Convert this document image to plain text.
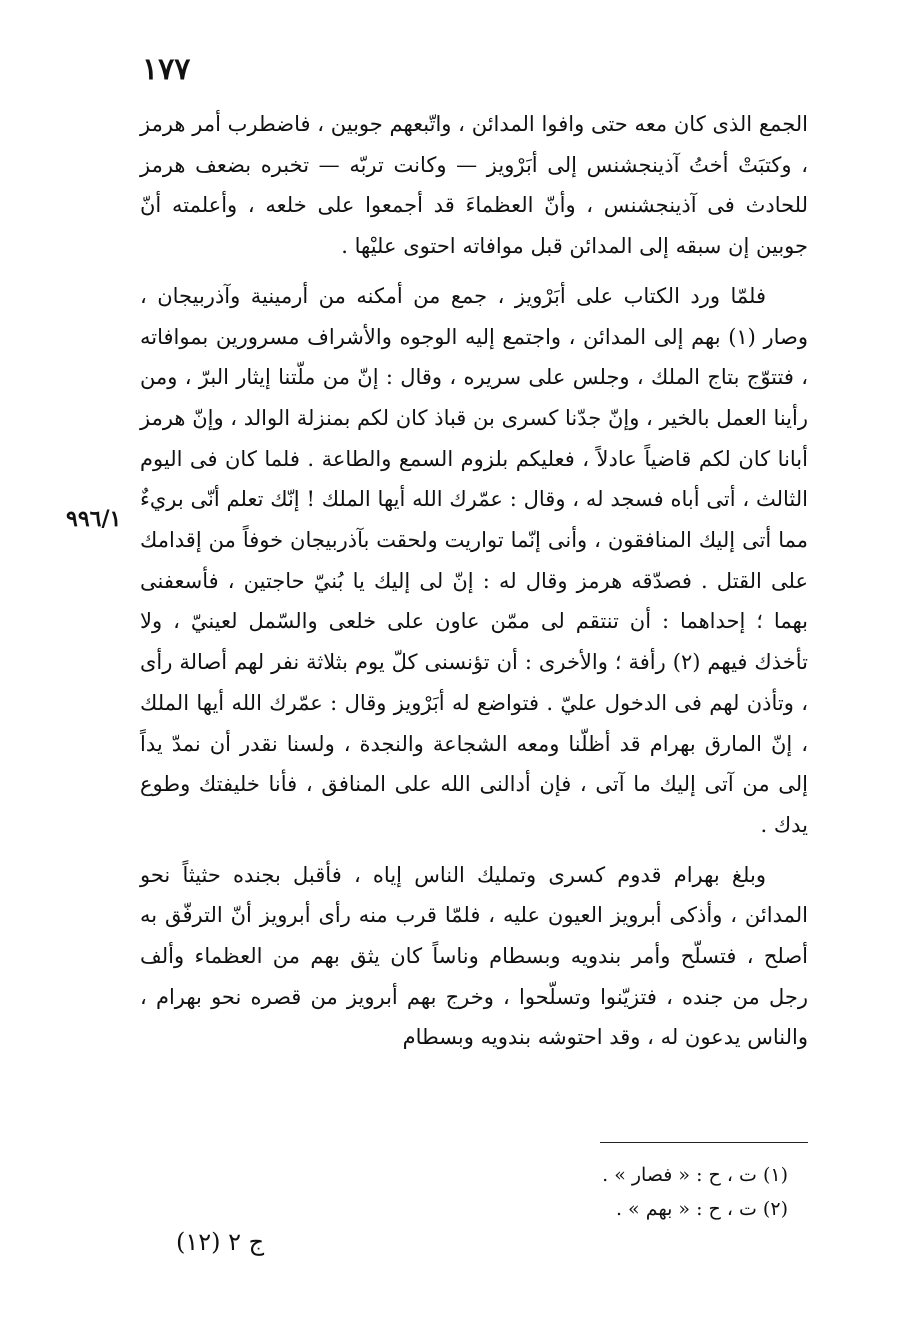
١٧٧
٩٩٦/١

الجمع الذى كان معه حتى وافوا المدائن ، واتّبعهم جوبين ، فاضطرب أمر هرمز ، وكتبَتْ أختُ آذينجشنس إلى أبَرْويز — وكانت تربّه — تخبره بضعف هرمز للحادث فى آذينجشنس ، وأنّ العظماءَ قد أجمعوا على خلعه ، وأعلمته أنّ جوبين إن سبقه إلى المدائن قبل موافاته احتوى عليْها .

فلمّا ورد الكتاب على أبَرْويز ، جمع من أمكنه من أرمينية وآذربيجان ، وصار (١) بهم إلى المدائن ، واجتمع إليه الوجوه والأشراف مسرورين بموافاته ، فتتوّج بتاج الملك ، وجلس على سريره ، وقال : إنّ من ملّتنا إيثار البرّ ، ومن رأينا العمل بالخير ، وإنّ جدّنا كسرى بن قباذ كان لكم بمنزلة الوالد ، وإنّ هرمز أبانا كان لكم قاضياً عادلاً ، فعليكم بلزوم السمع والطاعة . فلما كان فى اليوم الثالث ، أتى أباه فسجد له ، وقال : عمّرك الله أيها الملك ! إنّك تعلم أنّى بريءٌ مما أتى إليك المنافقون ، وأنى إنّما تواريت ولحقت بآذربيجان خوفاً من إقدامك على القتل . فصدّقه هرمز وقال له : إنّ لى إليك يا بُنيّ حاجتين ، فأسعفنى بهما ؛ إحداهما : أن تنتقم لى ممّن عاون على خلعى والسّمل لعينيّ ، ولا تأخذك فيهم (٢) رأفة ؛ والأخرى : أن تؤنسنى كلّ يوم بثلاثة نفر لهم أصالة رأى ، وتأذن لهم فى الدخول عليّ . فتواضع له أبَرْويز وقال : عمّرك الله أيها الملك ، إنّ المارق بهرام قد أظلّنا ومعه الشجاعة والنجدة ، ولسنا نقدر أن نمدّ يداً إلى من آتى إليك ما آتى ، فإن أدالنى الله على المنافق ، فأنا خليفتك وطوع يدك .

وبلغ بهرام قدوم كسرى وتمليك الناس إياه ، فأقبل بجنده حثيثاً نحو المدائن ، وأذكى أبرويز العيون عليه ، فلمّا قرب منه رأى أبرويز أنّ الترفّق به أصلح ، فتسلّح وأمر بندويه وبسطام وناساً كان يثق بهم من العظماء وألف رجل من جنده ، فتزيّنوا وتسلّحوا ، وخرج بهم أبرويز من قصره نحو بهرام ، والناس يدعون له ، وقد احتوشه بندويه وبسطام

(١) ت ، ح : « فصار » .
(٢) ت ، ح : « بهم » .
ج ٢ (١٢)
